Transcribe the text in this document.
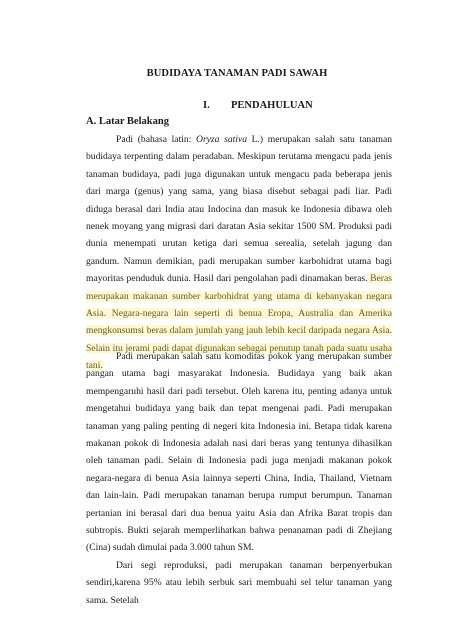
BUDIDAYA TANAMAN PADI SAWAH
I. PENDAHULUAN
A. Latar Belakang

Padi (bahasa latin: Oryza sativa L.) merupakan salah satu tanaman budidaya terpenting dalam peradaban. Meskipun terutama mengacu pada jenis tanaman budidaya, padi juga digunakan untuk mengacu pada beberapa jenis dari marga (genus) yang sama, yang biasa disebut sebagai padi liar. Padi diduga berasal dari India atau Indocina dan masuk ke Indonesia dibawa oleh nenek moyang yang migrasi dari daratan Asia sekitar 1500 SM. Produksi padi dunia menempati urutan ketiga dari semua serealia, setelah jagung dan gandum. Namun demikian, padi merupakan sumber karbohidrat utama bagi mayoritas penduduk dunia. Hasil dari pengolahan padi dinamakan beras. Beras merupakan makanan sumber karbohidrat yang utama di kebanyakan negara Asia. Negara-negara lain seperti di benua Eropa, Australia dan Amerika mengkonsumsi beras dalam jumlah yang jauh lebih kecil daripada negara Asia. Selain itu jerami padi dapat digunakan sebagai penutup tanah pada suatu usaha tani.

Padi merupakan salah satu komoditas pokok yang merupakan sumber pangan utama bagi masyarakat Indonesia. Budidaya yang baik akan mempengaruhi hasil dari padi tersebut. Oleh karena itu, penting adanya untuk mengetahui budidaya yang baik dan tepat mengenai padi. Padi merupakan tanaman yang paling penting di negeri kita Indonesia ini. Betapa tidak karena makanan pokok di Indonesia adalah nasi dari beras yang tentunya dihasilkan oleh tanaman padi. Selain di Indonesia padi juga menjadi makanan pokok negara-negara di benua Asia lainnya seperti China, India, Thailand, Vietnam dan lain-lain. Padi merupakan tanaman berupa rumput berumpun. Tanaman pertanian ini berasal dari dua benua yaitu Asia dan Afrika Barat tropis dan subtropis. Bukti sejarah memperlihatkan bahwa penanaman padi di Zhejiang (Cina) sudah dimulai pada 3.000 tahun SM.

Dari segi reproduksi, padi merupakan tanaman berpenyerbukan sendiri,karena 95% atau lebih serbuk sari membuahi sel telur tanaman yang sama. Setelah
